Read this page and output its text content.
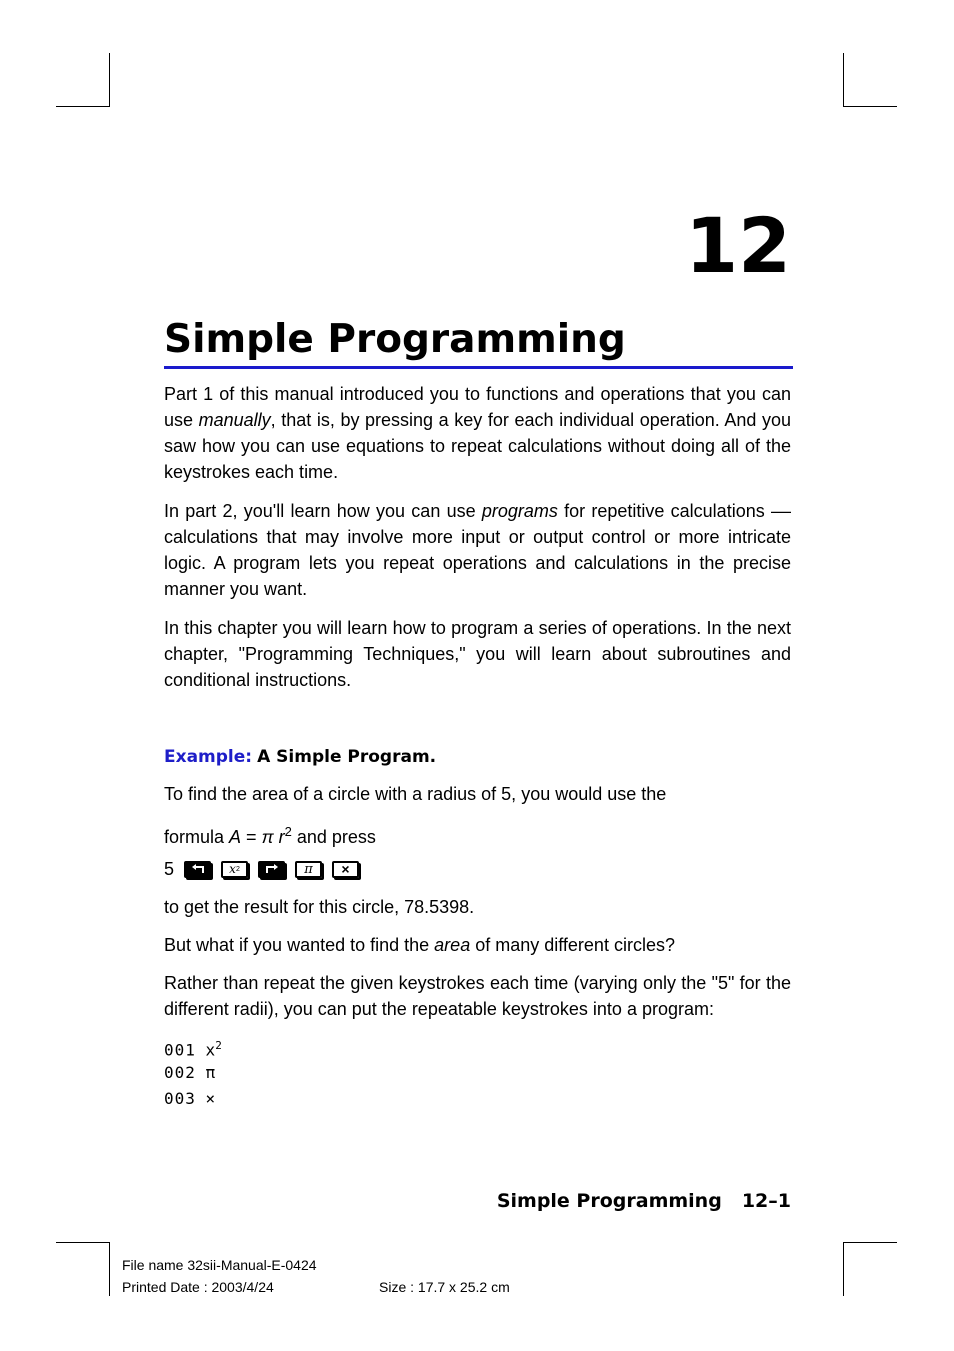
12
Simple Programming

Part 1 of this manual introduced you to functions and operations that you can use manually, that is, by pressing a key for each individual operation. And you saw how you can use equations to repeat calculations without doing all of the keystrokes each time.

In part 2, you'll learn how you can use programs for repetitive calculations ––calculations that may involve more input or output control or more intricate logic. A program lets you repeat operations and calculations in the precise manner you want.

In this chapter you will learn how to program a series of operations. In the next chapter, "Programming Techniques," you will learn about subroutines and conditional instructions.

Example: A Simple Program.

To find the area of a circle with a radius of 5, you would use the

formula A = π $r^2$ and press

5	x 2	π ×

to get the result for this circle, 78.5398.

But what if you wanted to find the area of many different circles?

Rather than repeat the given keystrokes each time (varying only the "5" for the different radii), you can put the repeatable keystrokes into a program:

001 $x^2$
002 π
003 ×
Simple Programming 12–1
File name 32sii-Manual-E-0424
Printed Date : 2003/4/24	Size : 17.7 x 25.2 cm
